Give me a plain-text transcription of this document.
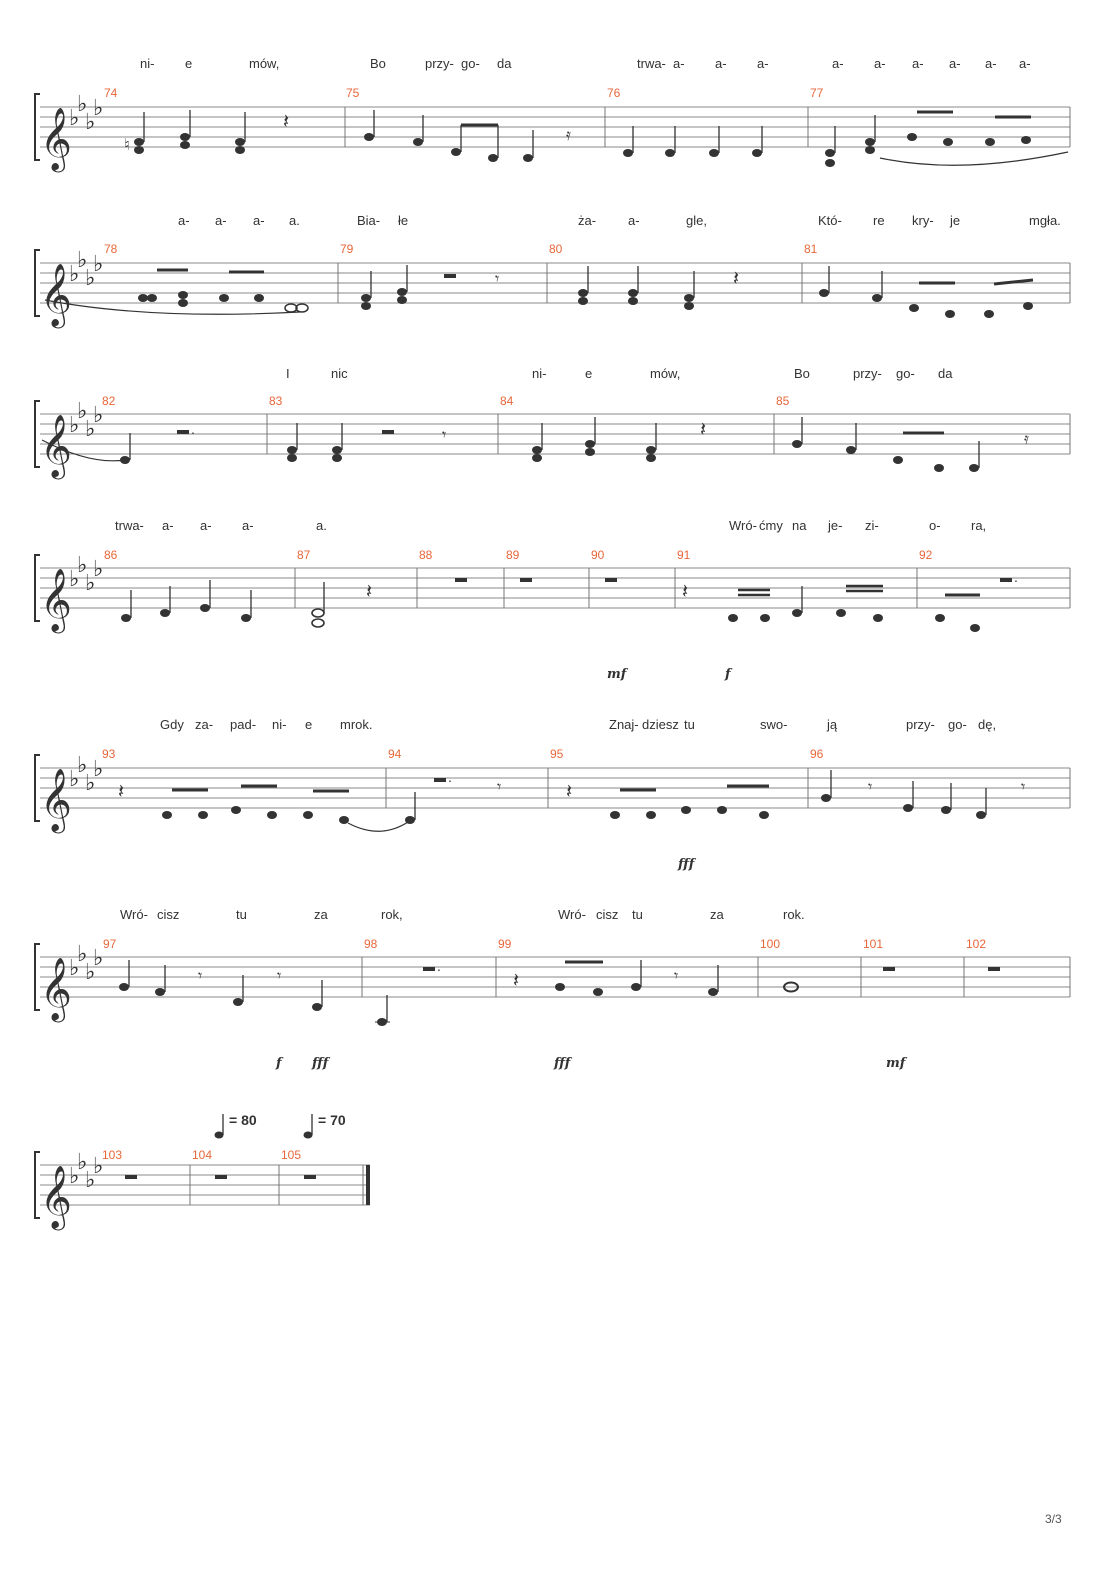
ni- e	mów,	Bo	przy- go- da	trwa- a- a- a-	a- a- a- a- a- a-
𝄞
♭
♭
♭
♭
74	75	76	77
♮
𝄽
𝄿
a- a- a- a.	Bia- łe	ża- a-	gle,	Któ- re kry- je	mgła.
𝄞
♭
♭
♭
♭
78	79	80	81
𝄾	𝄽
I	nic	ni-	e	mów,	Bo	przy- go- da
𝄞
♭
♭
♭
♭
82	83	84	85
.	𝄾	𝄽	𝄿
trwa- a- a- a-	a.	Wró- ćmy na je- zi-	o- ra,
𝄞
♭
♭
♭
♭
86	87	88	89	90	91	92
𝄽	𝄽
.
mf	f
Gdy za- pad- ni- e mrok.	Znaj- dziesz tu	swo-	ją	przy- go- dę,
𝄞
♭
♭
♭
♭
93	94	95	96
𝄽
.	𝄾	𝄽	𝄾	𝄾
fff
Wró- cisz	tu	za	rok,	Wró- cisz tu	za	rok.
𝄞
♭
♭
♭
♭
97	98	99	100	101	102
𝄾	𝄾	.
𝄽	𝄾
f fff	fff	mf
= 80	= 70
𝄞
♭
♭
♭
♭
103	104	105
3/3
